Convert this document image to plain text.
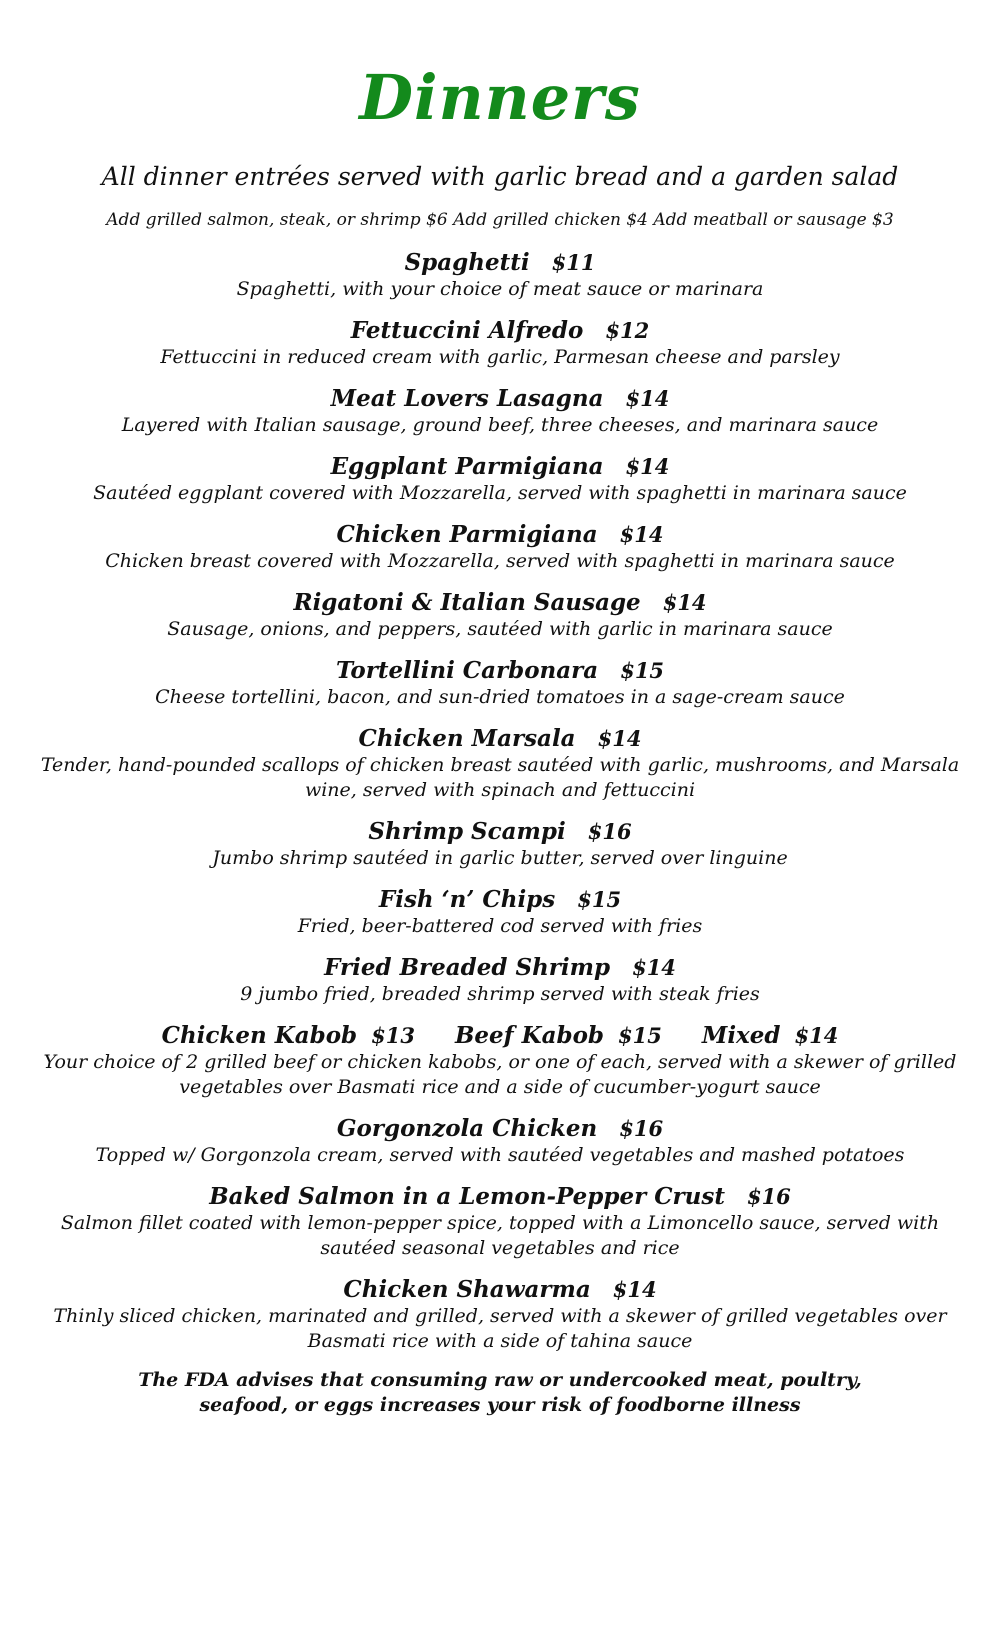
Dinners
All dinner entrées served with garlic bread and a garden salad
Add grilled salmon, steak, or shrimp $6 Add grilled chicken $4 Add meatball or sausage $3
Spaghetti $11
Spaghetti, with your choice of meat sauce or marinara
Fettuccini Alfredo $12
Fettuccini in reduced cream with garlic, Parmesan cheese and parsley
Meat Lovers Lasagna $14
Layered with Italian sausage, ground beef, three cheeses, and marinara sauce
Eggplant Parmigiana $14
Sautéed eggplant covered with Mozzarella, served with spaghetti in marinara sauce
Chicken Parmigiana $14
Chicken breast covered with Mozzarella, served with spaghetti in marinara sauce
Rigatoni & Italian Sausage $14
Sausage, onions, and peppers, sautéed with garlic in marinara sauce
Tortellini Carbonara $15
Cheese tortellini, bacon, and sun-dried tomatoes in a sage-cream sauce
Chicken Marsala $14
Tender, hand-pounded scallops of chicken breast sautéed with garlic, mushrooms, and Marsala wine, served with spinach and fettuccini
Shrimp Scampi $16
Jumbo shrimp sautéed in garlic butter, served over linguine
Fish ‘n’ Chips $15
Fried, beer-battered cod served with fries
Fried Breaded Shrimp $14
9 jumbo fried, breaded shrimp served with steak fries
Chicken Kabob $13 Beef Kabob $15 Mixed $14
Your choice of 2 grilled beef or chicken kabobs, or one of each, served with a skewer of grilled vegetables over Basmati rice and a side of cucumber-yogurt sauce
Gorgonzola Chicken $16
Topped w/ Gorgonzola cream, served with sautéed vegetables and mashed potatoes
Baked Salmon in a Lemon-Pepper Crust $16
Salmon fillet coated with lemon-pepper spice, topped with a Limoncello sauce, served with sautéed seasonal vegetables and rice
Chicken Shawarma $14
Thinly sliced chicken, marinated and grilled, served with a skewer of grilled vegetables over Basmati rice with a side of tahina sauce
The FDA advises that consuming raw or undercooked meat, poultry, seafood, or eggs increases your risk of foodborne illness
